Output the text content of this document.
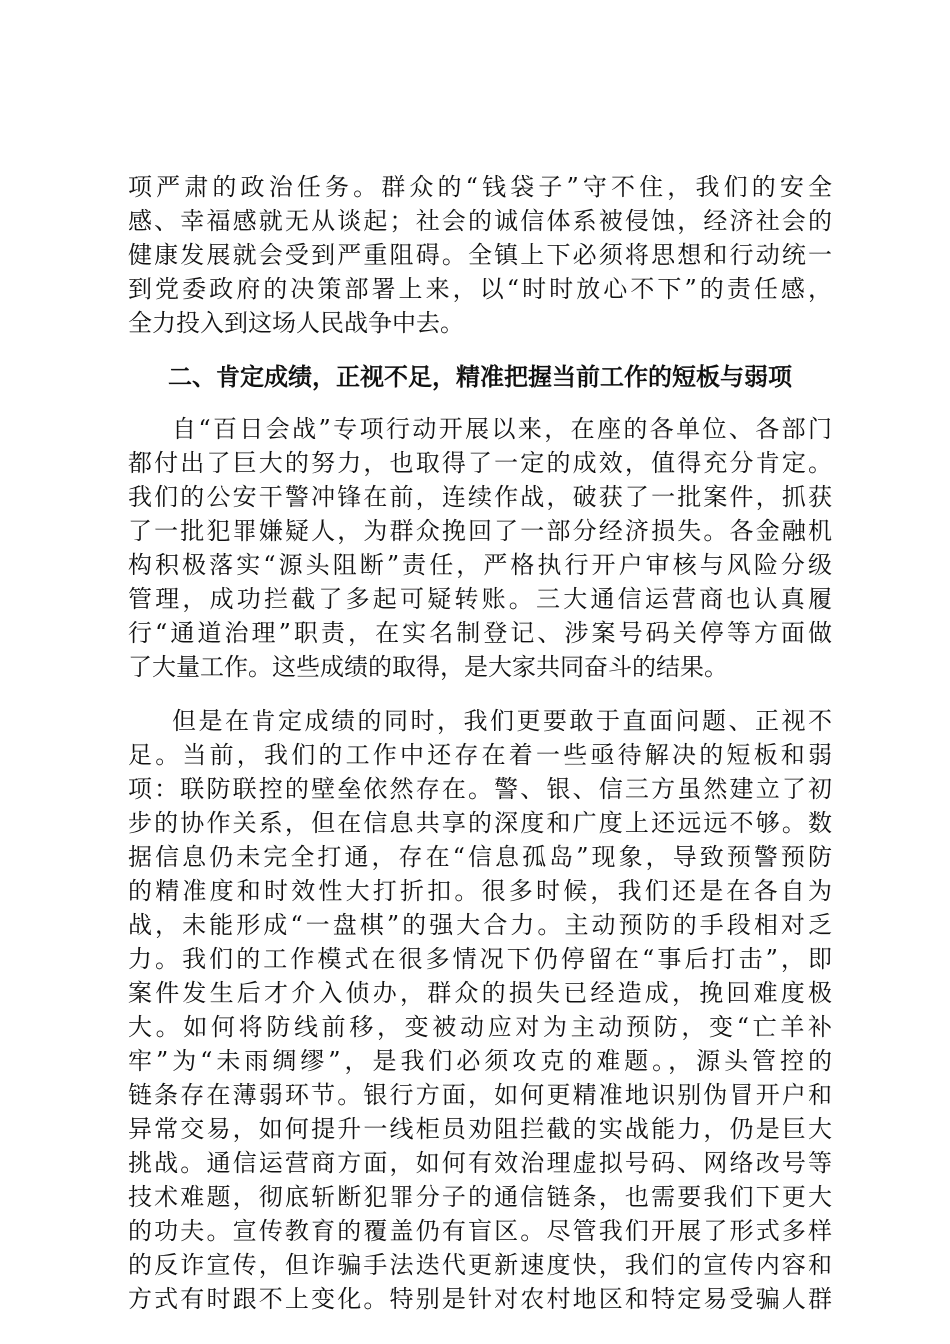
项严肃的政治任务。群众的“钱袋子”守不住，我们的安全
感、幸福感就无从谈起；社会的诚信体系被侵蚀，经济社会的
健康发展就会受到严重阻碍。全镇上下必须将思想和行动统一
到党委政府的决策部署上来，以“时时放心不下”的责任感，
全力投入到这场人民战争中去。
二、肯定成绩，正视不足，精准把握当前工作的短板与弱项
自“百日会战”专项行动开展以来，在座的各单位、各部门
都付出了巨大的努力，也取得了一定的成效，值得充分肯定。
我们的公安干警冲锋在前，连续作战，破获了一批案件，抓获
了一批犯罪嫌疑人，为群众挽回了一部分经济损失。各金融机
构积极落实“源头阻断”责任，严格执行开户审核与风险分级
管理，成功拦截了多起可疑转账。三大通信运营商也认真履
行“通道治理”职责，在实名制登记、涉案号码关停等方面做
了大量工作。这些成绩的取得，是大家共同奋斗的结果。
但是在肯定成绩的同时，我们更要敢于直面问题、正视不
足。当前，我们的工作中还存在着一些亟待解决的短板和弱
项：联防联控的壁垒依然存在。警、银、信三方虽然建立了初
步的协作关系，但在信息共享的深度和广度上还远远不够。数
据信息仍未完全打通，存在“信息孤岛”现象，导致预警预防
的精准度和时效性大打折扣。很多时候，我们还是在各自为
战，未能形成“一盘棋”的强大合力。主动预防的手段相对乏
力。我们的工作模式在很多情况下仍停留在“事后打击”，即
案件发生后才介入侦办，群众的损失已经造成，挽回难度极
大。如何将防线前移，变被动应对为主动预防，变“亡羊补
牢”为“未雨绸缪”，是我们必须攻克的难题。，源头管控的
链条存在薄弱环节。银行方面，如何更精准地识别伪冒开户和
异常交易，如何提升一线柜员劝阻拦截的实战能力，仍是巨大
挑战。通信运营商方面，如何有效治理虚拟号码、网络改号等
技术难题，彻底斩断犯罪分子的通信链条，也需要我们下更大
的功夫。宣传教育的覆盖仍有盲区。尽管我们开展了形式多样
的反诈宣传，但诈骗手法迭代更新速度快，我们的宣传内容和
方式有时跟不上变化。特别是针对农村地区和特定易受骗人群
